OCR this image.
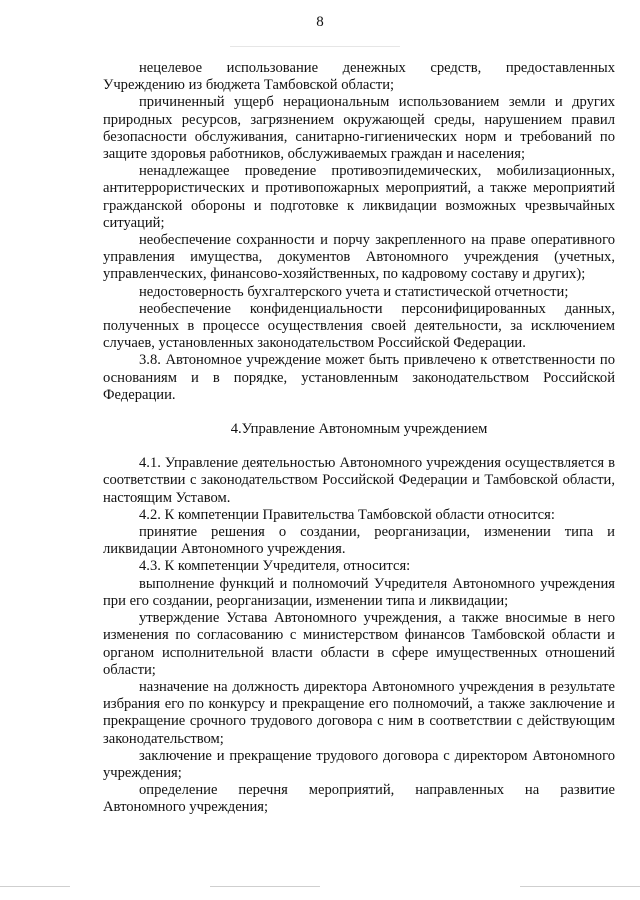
8

нецелевое использование денежных средств, предоставленных Учреждению из бюджета Тамбовской области;

причиненный ущерб нерациональным использованием земли и других природных ресурсов, загрязнением окружающей среды, нарушением правил безопасности обслуживания, санитарно-гигиенических норм и требований по защите здоровья работников, обслуживаемых граждан и населения;

ненадлежащее проведение противоэпидемических, мобилизационных, антитеррористических и противопожарных мероприятий, а также мероприятий гражданской обороны и подготовке к ликвидации возможных чрезвычайных ситуаций;

необеспечение сохранности и порчу закрепленного на праве оперативного управления имущества, документов Автономного учреждения (учетных, управленческих, финансово-хозяйственных, по кадровому составу и других);

недостоверность бухгалтерского учета и статистической отчетности;

необеспечение конфиденциальности персонифицированных данных, полученных в процессе осуществления своей деятельности, за исключением случаев, установленных законодательством Российской Федерации.

3.8. Автономное учреждение может быть привлечено к ответственности по основаниям и в порядке, установленным законодательством Российской Федерации.

4.Управление Автономным учреждением

4.1. Управление деятельностью Автономного учреждения осуществляется в соответствии с законодательством Российской Федерации и Тамбовской области, настоящим Уставом.

4.2. К компетенции Правительства Тамбовской области относится:

принятие решения о создании, реорганизации, изменении типа и ликвидации Автономного учреждения.

4.3. К компетенции Учредителя, относится:

выполнение функций и полномочий Учредителя Автономного учреждения при его создании, реорганизации, изменении типа и ликвидации;

утверждение Устава Автономного учреждения, а также вносимые в него изменения по согласованию с министерством финансов Тамбовской области и органом исполнительной власти области в сфере имущественных отношений области;

назначение на должность директора Автономного учреждения в результате избрания его по конкурсу и прекращение его полномочий, а также заключение и прекращение срочного трудового договора с ним в соответствии с действующим законодательством;

заключение и прекращение трудового договора с директором Автономного учреждения;

определение перечня мероприятий, направленных на развитие Автономного учреждения;
